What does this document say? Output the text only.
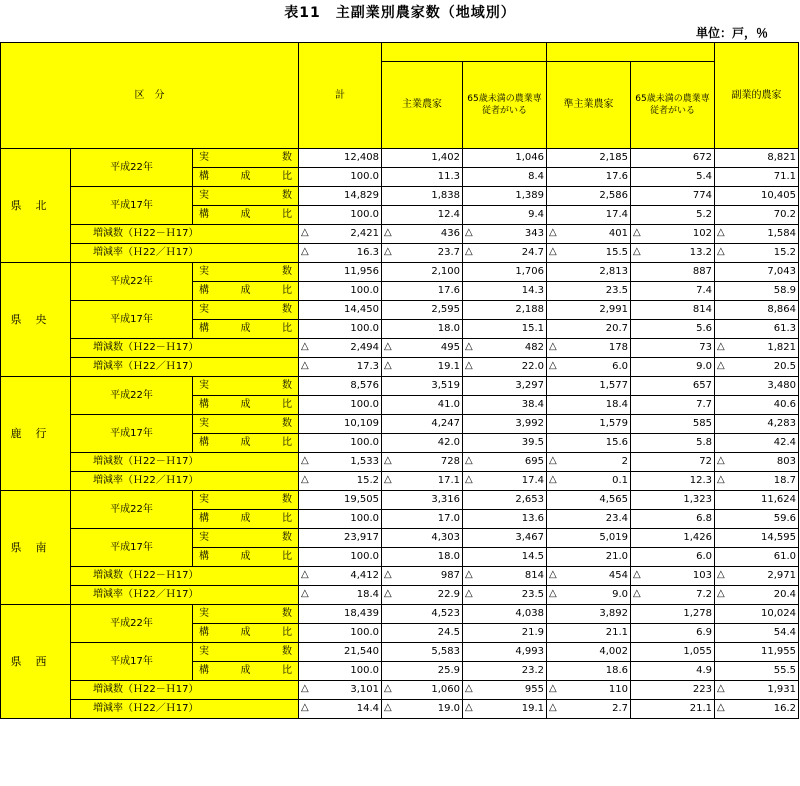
表11　主副業別農家数（地域別）
単位：戸，％
区　分			計					副業的農家
				主業農家	65歳未満の農業専従者がいる	準主業農家	65歳未満の農業専従者がいる	
県北	平成22年	実 数	12,408	1,402	1,046	2,185	672	8,821

		構 成 比	100.0	11.3	8.4	17.6	5.4	71.1
	平成17年	実 数	14,829	1,838	1,389	2,586	774	10,405

		構 成 比	100.0	12.4	9.4	17.4	5.2	70.2
	増減数（Ｈ22－Ｈ17）		△ 2,421	△ 436	△ 343	△ 401	△ 102	△ 1,584
	増減率（Ｈ22／Ｈ17）		△ 16.3	△ 23.7	△ 24.7	△ 15.5	△ 13.2	△ 15.2
県央	平成22年	実 数	11,956	2,100	1,706	2,813	887	7,043

		構 成 比	100.0	17.6	14.3	23.5	7.4	58.9
	平成17年	実 数	14,450	2,595	2,188	2,991	814	8,864

		構 成 比	100.0	18.0	15.1	20.7	5.6	61.3
	増減数（Ｈ22－Ｈ17）		△ 2,494	△ 495	△ 482	△ 178	73	△ 1,821
	増減率（Ｈ22／Ｈ17）		△ 17.3	△ 19.1	△ 22.0	△ 6.0	9.0	△ 20.5
鹿行	平成22年	実 数	8,576	3,519	3,297	1,577	657	3,480

		構 成 比	100.0	41.0	38.4	18.4	7.7	40.6
	平成17年	実 数	10,109	4,247	3,992	1,579	585	4,283

		構 成 比	100.0	42.0	39.5	15.6	5.8	42.4
	増減数（Ｈ22－Ｈ17）		△ 1,533	△ 728	△ 695	△ 2	72	△ 803
	増減率（Ｈ22／Ｈ17）		△ 15.2	△ 17.1	△ 17.4	△ 0.1	12.3	△ 18.7
県南	平成22年	実 数	19,505	3,316	2,653	4,565	1,323	11,624

		構 成 比	100.0	17.0	13.6	23.4	6.8	59.6
	平成17年	実 数	23,917	4,303	3,467	5,019	1,426	14,595

		構 成 比	100.0	18.0	14.5	21.0	6.0	61.0
	増減数（Ｈ22－Ｈ17）		△ 4,412	△ 987	△ 814	△ 454	△ 103	△ 2,971
	増減率（Ｈ22／Ｈ17）		△ 18.4	△ 22.9	△ 23.5	△ 9.0	△ 7.2	△ 20.4
県西	平成22年	実 数	18,439	4,523	4,038	3,892	1,278	10,024

		構 成 比	100.0	24.5	21.9	21.1	6.9	54.4
	平成17年	実 数	21,540	5,583	4,993	4,002	1,055	11,955

		構 成 比	100.0	25.9	23.2	18.6	4.9	55.5
	増減数（Ｈ22－Ｈ17）		△ 3,101	△ 1,060	△ 955	△ 110	223	△ 1,931
	増減率（Ｈ22／Ｈ17）		△ 14.4	△ 19.0	△ 19.1	△ 2.7	21.1	△ 16.2
